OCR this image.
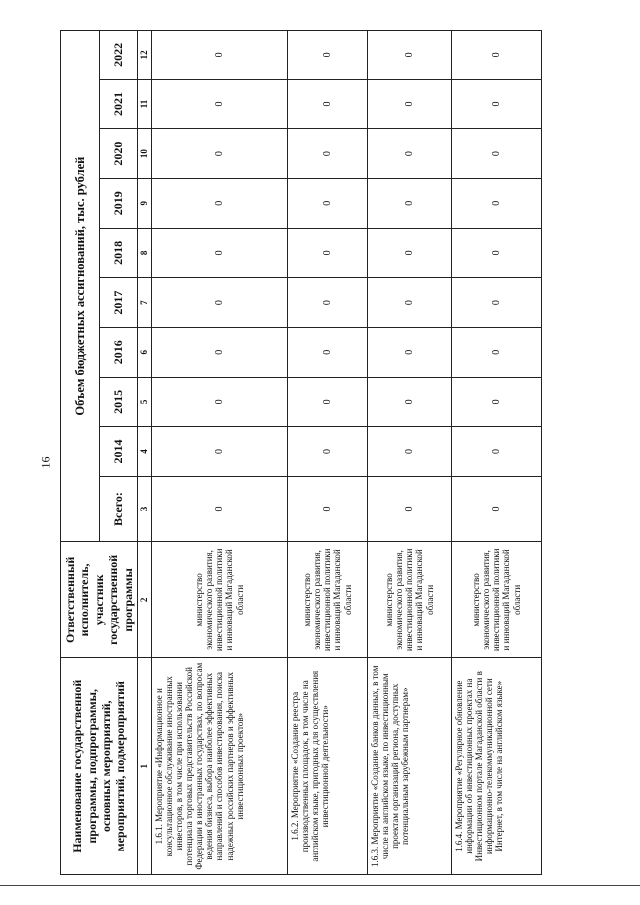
16
Наименование государственной программы, подпрограммы, основных мероприятий, мероприятий, подмероприятий	Ответственный исполнитель, участник государственной программы	Объем бюджетных ассигнований, тыс. рублей									
		Всего:	2014	2015	2016	2017	2018	2019	2020	2021	2022
1	2	3	4	5	6	7	8	9	10	11	12
1.6.1. Мероприятие «Информационное и консультационное обслуживание иностранных инвесторов, в том числе при использовании потенциала торговых представительств Российской Федерации в иностранных государствах, по вопросам ведения бизнеса, выбора наиболее эффективных направлений и способов инвестирования, поиска надежных российских партнеров и эффективных инвестиционных проектов»	министерство экономического развития, инвестиционной политики и инноваций Магаданской области	0	0	0	0	0	0	0	0	0	0
1.6.2. Мероприятие «Создание реестра производственных площадок, в том числе на английском языке, пригодных для осуществления инвестиционной деятельности»	министерство экономического развития, инвестиционной политики и инноваций Магаданской области	0	0	0	0	0	0	0	0	0	0
1.6.3. Мероприятие «Создание банков данных, в том числе на английском языке, по инвестиционным проектам организаций региона, доступных потенциальным зарубежным партнерам»	министерство экономического развития, инвестиционной политики и инноваций Магаданской области	0	0	0	0	0	0	0	0	0	0
1.6.4. Мероприятие «Регулярное обновление информации об инвестиционных проектах на Инвестиционном портале Магаданской области в информационно-телекоммуникационной сети Интернет, в том числе на английском языке»	министерство экономического развития, инвестиционной политики и инноваций Магаданской области	0	0	0	0	0	0	0	0	0	0
